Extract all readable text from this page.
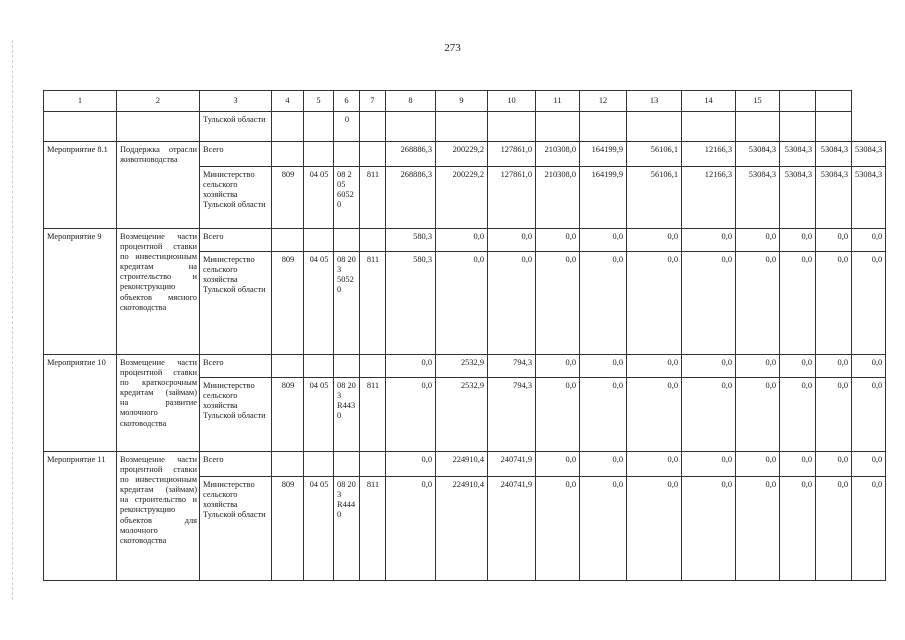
273
1	2	3	4	5	6	7	8	9	10	11	12	13	14	15			
		Тульской области			0												
Мероприятие 8.1	Поддержка отрасли животноводства	Всего					268886,3	200229,2	127861,0	210308,0	164199,9	56106,1	12166,3	53084,3	53084,3	53084,3	53084,3
		Министерство сельского хозяйства Тульской области	809	04 05	08 2 05 6052 0	811	268886,3	200229,2	127861,0	210308,0	164199,9	56106,1	12166,3	53084,3	53084,3	53084,3	53084,3
Мероприятие 9	Возмещение части процентной ставки по инвестиционным кредитам на строительство и реконструкцию объектов мясного скотоводства	Всего					580,3	0,0	0,0	0,0	0,0	0,0	0,0	0,0	0,0	0,0	0,0
		Министерство сельского хозяйства Тульской области	809	04 05	08 20 3 5052 0	811	580,3	0,0	0,0	0,0	0,0	0,0	0,0	0,0	0,0	0,0	0,0
Мероприятие 10	Возмещение части процентной ставки по краткосрочным кредитам (займам) на развитие молочного скотоводства	Всего					0,0	2532,9	794,3	0,0	0,0	0,0	0,0	0,0	0,0	0,0	0,0
		Министерство сельского хозяйства Тульской области	809	04 05	08 20 3 R443 0	811	0,0	2532,9	794,3	0,0	0,0	0,0	0,0	0,0	0,0	0,0	0,0
Мероприятие 11	Возмещение части процентной ставки по инвестиционным кредитам (займам) на строительство и реконструкцию объектов для молочного скотоводства	Всего					0,0	224910,4	240741,9	0,0	0,0	0,0	0,0	0,0	0,0	0,0	0,0
		Министерство сельского хозяйства Тульской области	809	04 05	08 20 3 R444 0	811	0,0	224910,4	240741,9	0,0	0,0	0,0	0,0	0,0	0,0	0,0	0,0
